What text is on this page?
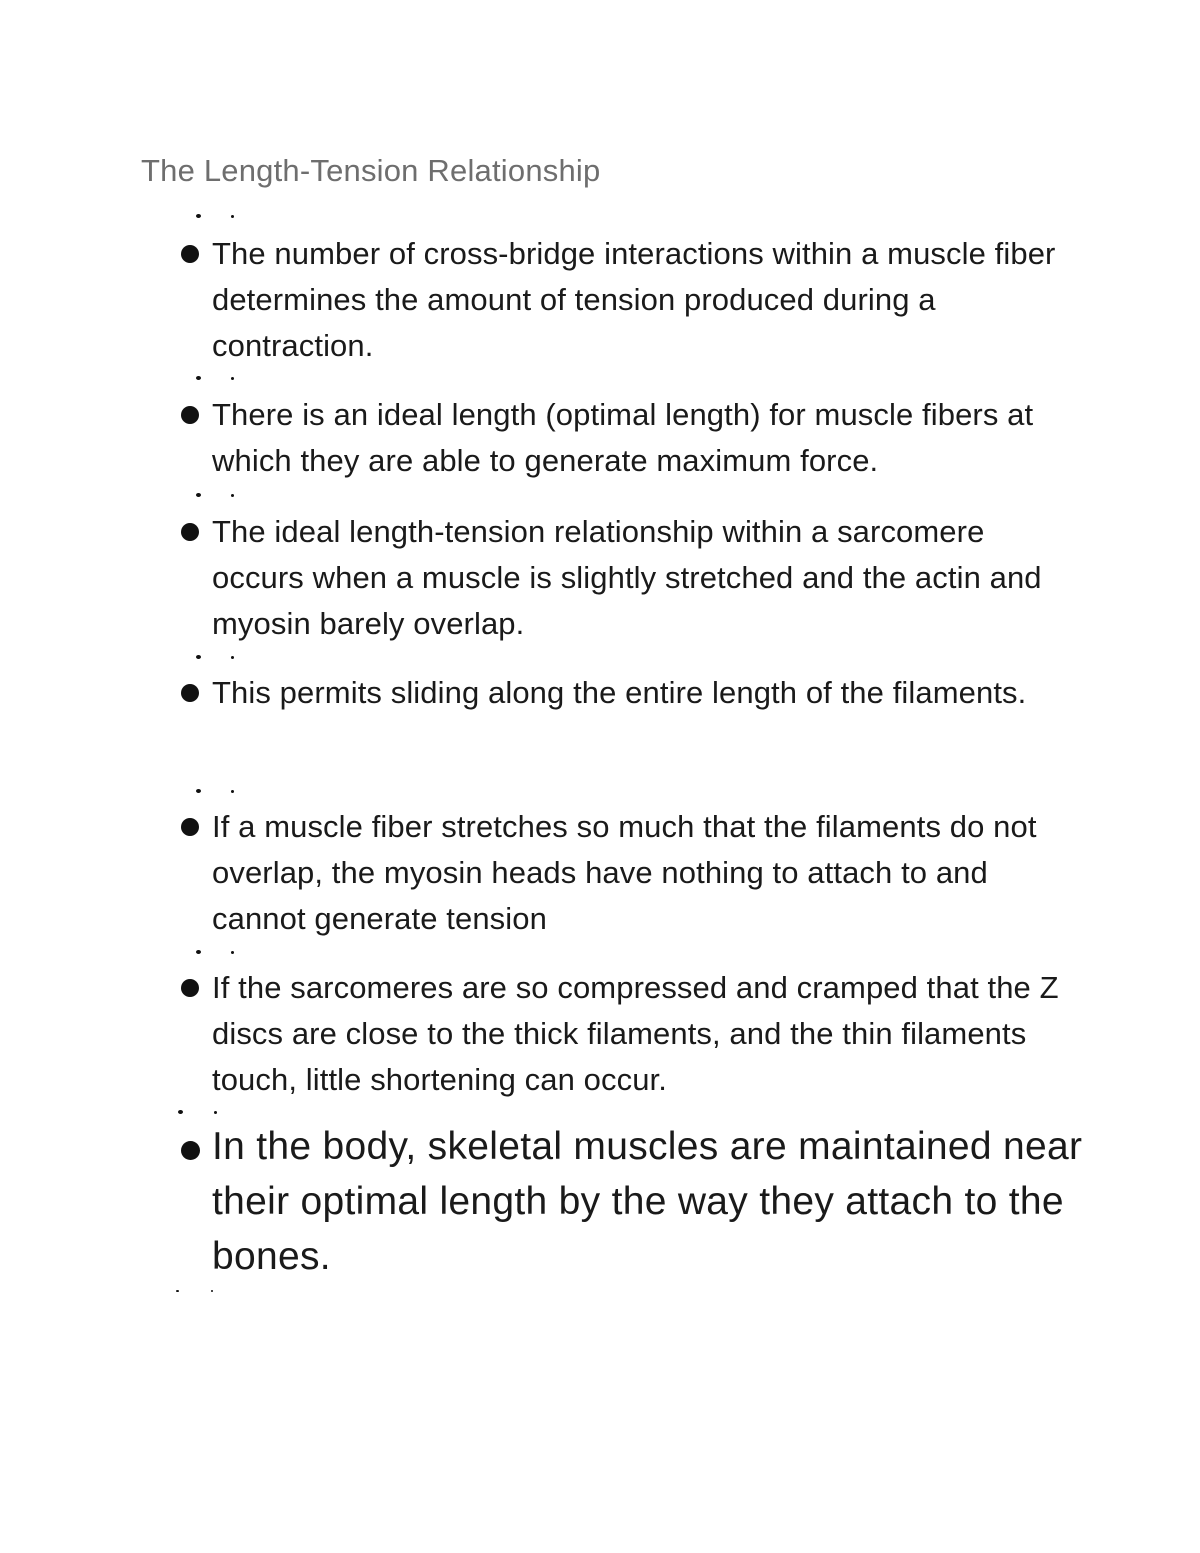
The Length-Tension Relationship
The number of cross-bridge interactions within a muscle fiber determines the amount of tension produced during a contraction.
There is an ideal length (optimal length) for muscle fibers at which they are able to generate maximum force.
The ideal length-tension relationship within a sarcomere occurs when a muscle is slightly stretched and the actin and myosin barely overlap.
This permits sliding along the entire length of the filaments.
If a muscle fiber stretches so much that the filaments do not overlap, the myosin heads have nothing to attach to and cannot generate tension
If the sarcomeres are so compressed and cramped that the Z discs are close to the thick filaments, and the thin filaments touch, little shortening can occur.
In the body, skeletal muscles are maintained near their optimal length by the way they attach to the bones.
